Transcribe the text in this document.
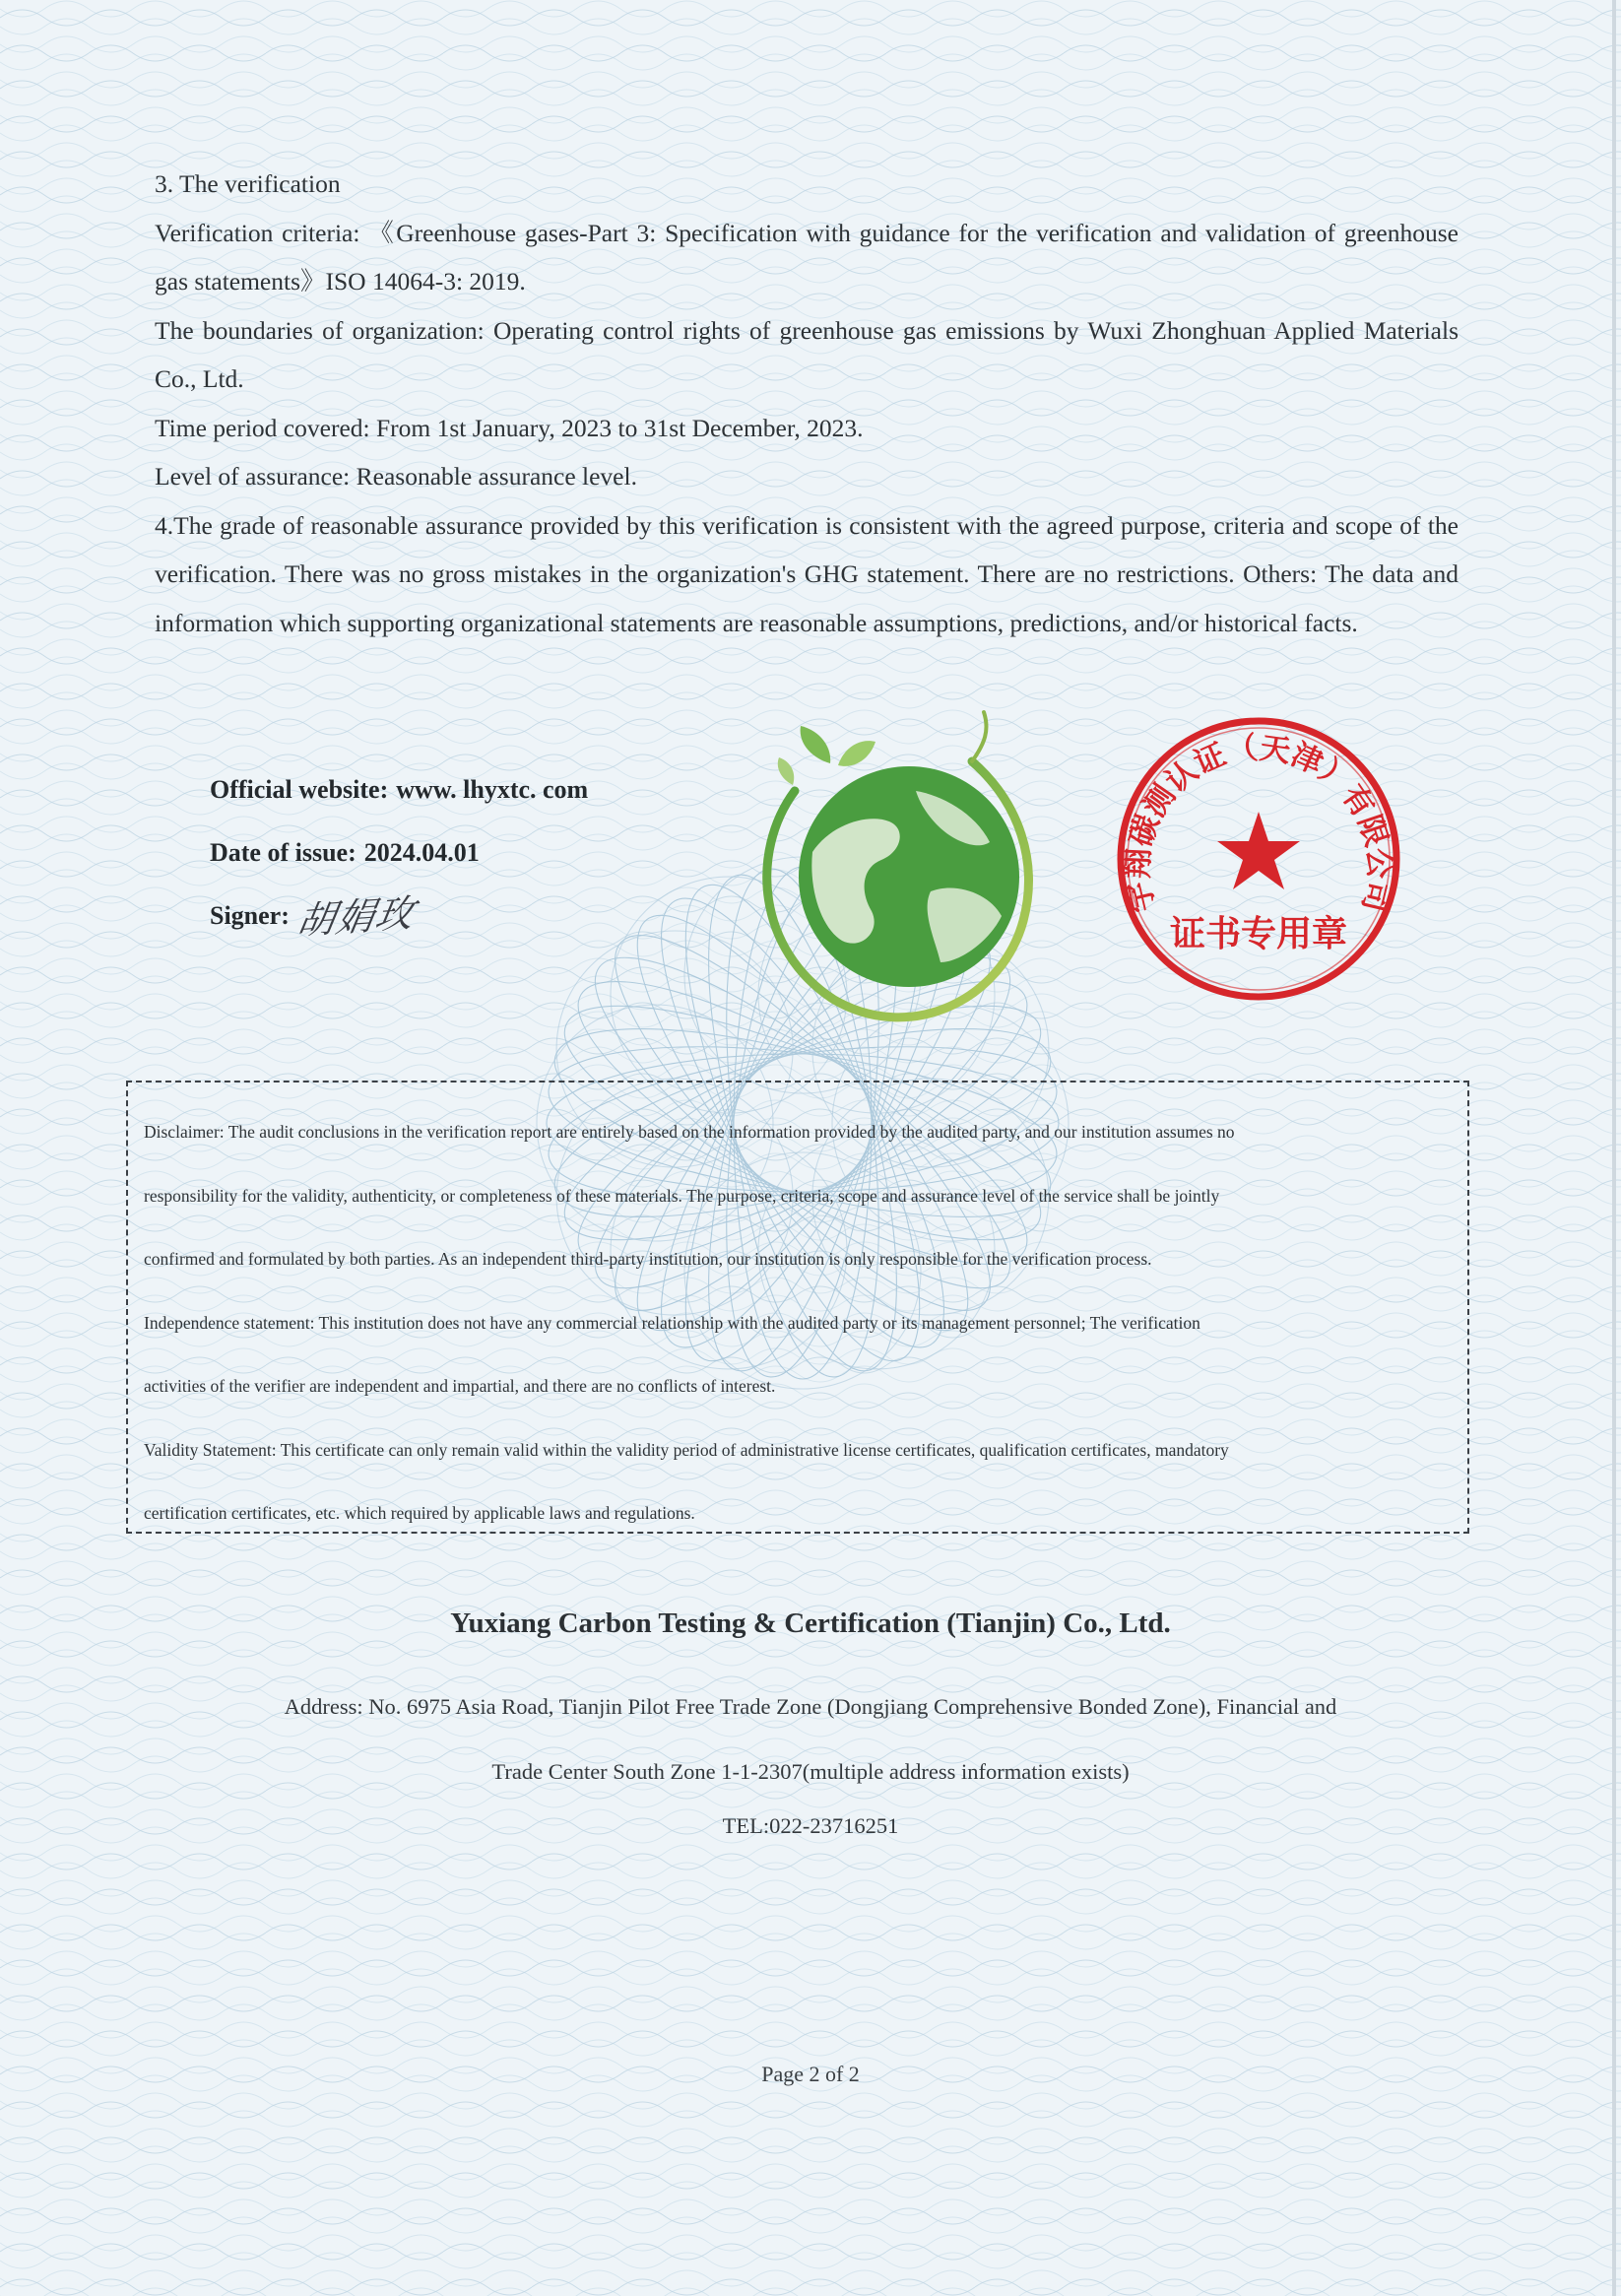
3. The verification

Verification criteria: 《Greenhouse gases-Part 3: Specification with guidance for the verification and validation of greenhouse gas statements》ISO 14064-3: 2019.

The boundaries of organization: Operating control rights of greenhouse gas emissions by Wuxi Zhonghuan Applied Materials Co., Ltd.

Time period covered: From 1st January, 2023 to 31st December, 2023.

Level of assurance: Reasonable assurance level.

4.The grade of reasonable assurance provided by this verification is consistent with the agreed purpose, criteria and scope of the verification. There was no gross mistakes in the organization's GHG statement. There are no restrictions. Others: The data and information which supporting organizational statements are reasonable assumptions, predictions, and/or historical facts.

Official website: www. lhyxtc. com
Date of issue: 2024.04.01
Signer: 胡娟玫	宇翔碳测认证（天津）有限公司
证书专用章

Disclaimer: The audit conclusions in the verification report are entirely based on the information provided by the audited party, and our institution assumes no

responsibility for the validity, authenticity, or completeness of these materials. The purpose, criteria, scope and assurance level of the service shall be jointly

confirmed and formulated by both parties. As an independent third-party institution, our institution is only responsible for the verification process.

Independence statement: This institution does not have any commercial relationship with the audited party or its management personnel; The verification

activities of the verifier are independent and impartial, and there are no conflicts of interest.

Validity Statement: This certificate can only remain valid within the validity period of administrative license certificates, qualification certificates, mandatory

certification certificates, etc. which required by applicable laws and regulations.

Yuxiang Carbon Testing & Certification (Tianjin) Co., Ltd.

Address: No. 6975 Asia Road, Tianjin Pilot Free Trade Zone (Dongjiang Comprehensive Bonded Zone), Financial and

Trade Center South Zone 1-1-2307(multiple address information exists)

TEL:022-23716251
Page 2 of 2
